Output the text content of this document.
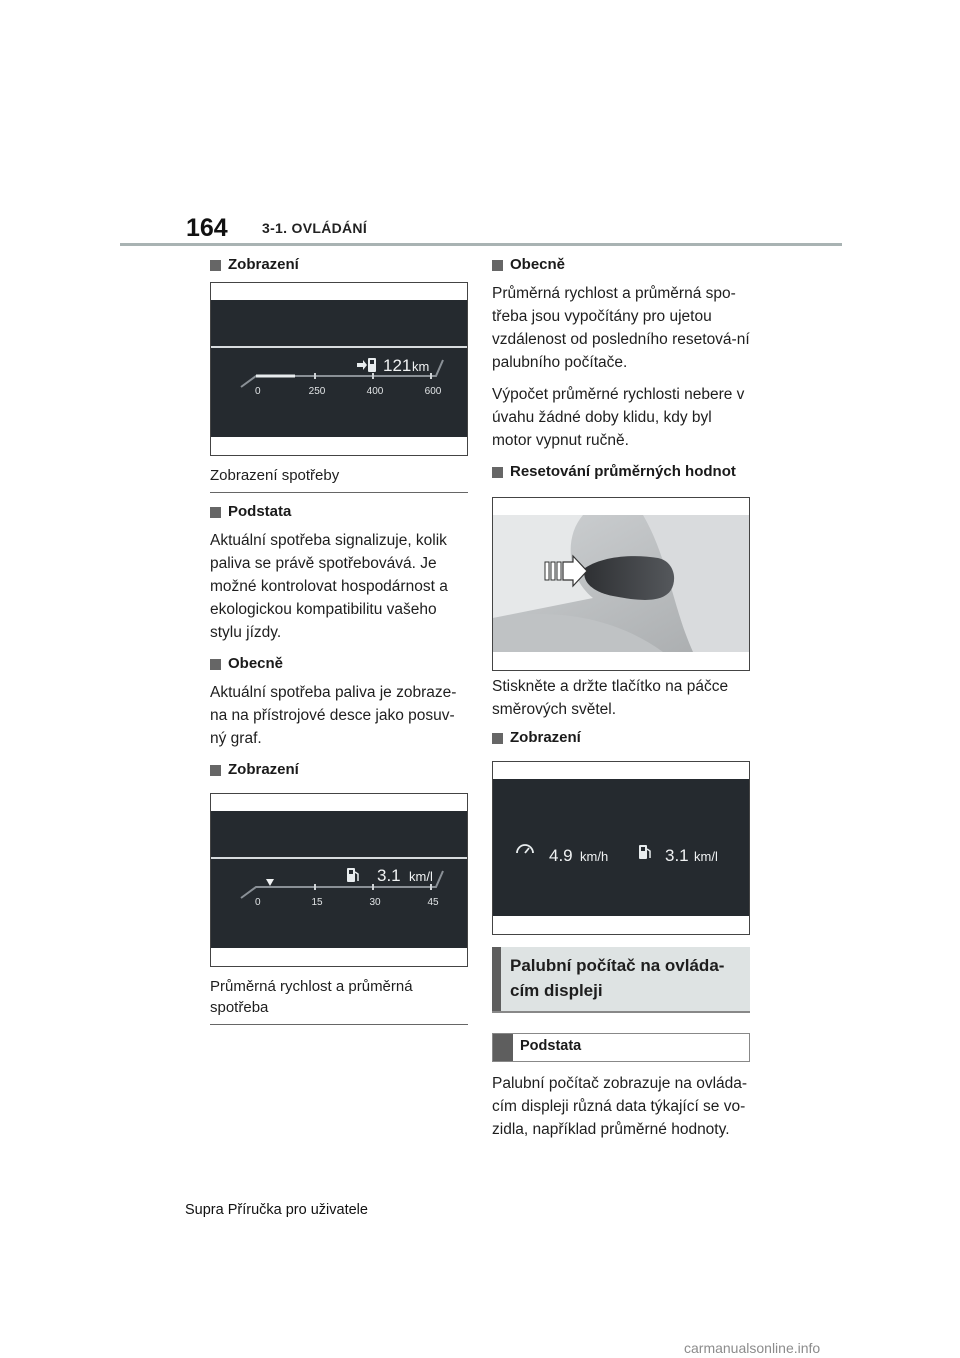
164 3-1. OVLÁDÁNÍ
Zobrazení
121 km
0	250	400	600
Zobrazení spotřeby
Podstata

Aktuální spotřeba signalizuje, kolik paliva se právě spotřebovává. Je možné kontrolovat hospodárnost a ekologickou kompatibilitu vašeho stylu jízdy.

Obecně

Aktuální spotřeba paliva je zobraze-na na přístrojové desce jako posuv-ný graf.

Zobrazení
3.1 km/l
0	15	30	45
Průměrná rychlost a průměrná spotřeba
Obecně

Průměrná rychlost a průměrná spo-třeba jsou vypočítány pro ujetou vzdálenost od posledního resetová-ní palubního počítače.

Výpočet průměrné rychlosti nebere v úvahu žádné doby klidu, kdy byl motor vypnut ručně.

Resetování průměrných hodnot

Stiskněte a držte tlačítko na páčce směrových světel.

Zobrazení
4.9 km/h	3.1 km/l
Palubní počítač na ovláda-cím displeji
Podstata

Palubní počítač zobrazuje na ovláda-cím displeji různá data týkající se vo-zidla, například průměrné hodnoty.

Supra Příručka pro uživatele
carmanualsonline.info
